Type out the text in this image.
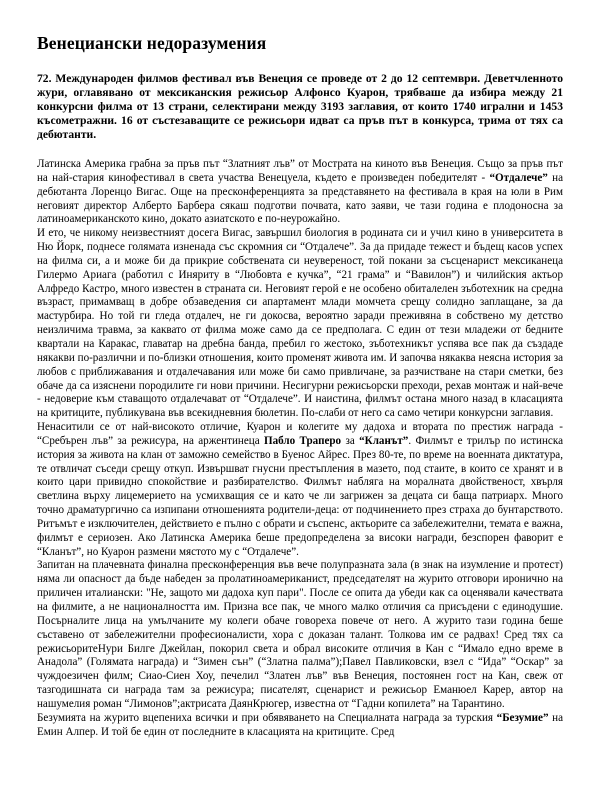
Венециански недоразумения

72. Международен филмов фестивал във Венеция се проведе от 2 до 12 септември. Деветчленното жури, оглавявано от мексиканския режисьор Алфонсо Куарон, трябваше да избира между 21 конкурсни филма от 13 страни, селектирани между 3193 заглавия, от които 1740 игрални и 1453 късометражни. 16 от състезаващите се режисьори идват са пръв път в конкурса, трима от тях са дебютанти.

Латинска Америка грабна за пръв път “Златният лъв” от Мострата на киното във Венеция. Също за пръв път на най-стария кинофестивал в света участва Венецуела, където е произведен победителят - “Отдалече” на дебютанта Лоренцо Вигас. Още на пресконференцията за представянето на фестивала в края на юли в Рим неговият директор Алберто Барбера сякаш подготви почвата, като заяви, че тази година е плодоносна за латиноамериканското кино, докато азиатското е по-неурожайно.

И ето, че никому неизвестният досега Вигас, завършил биология в родината си и учил кино в университета в Ню Йорк, поднесе голямата изненада със скромния си “Отдалече”. За да придаде тежест и бъдещ касов успех на филма си, а и може би да прикрие собствената си неувереност, той покани за съсценарист мексиканеца Гилермо Ариага (работил с Иняриту в “Любовта е кучка”, “21 грама” и “Вавилон”) и чилийския актьор Алфредо Кастро, много известен в страната си. Негoвият герой е не особено обиталелен зъботехник на средна възраст, примамващ в добре обзаведения си апартамент млади момчета срещу солидно заплащане, за да мастурбира. Но той ги гледа отдалеч, не ги докосва, вероятно заради преживяна в собствено му детство неизличима травма, за каквато от филма може само да се предполага. С един от тези младежи от бедните квартали на Каракас, главатар на дребна банда, пребил го жестоко, зъботехникът успява все пак да създаде някакви по-различни и по-близки отношения, които променят живота им. И започва някаква неясна история за любов с приближавания и отдалечавания или може би само привличане, за разчистване на стари сметки, без обаче да са изяснени породилите ги нови причини. Несигурни режисьорски преходи, рехав монтаж и най-вече - недоверие към ставащото отдалечават от “Отдалече”. И наистина, филмът остана много назад в класацията на критиците, публикувана във всекидневния бюлетин. По-слаби от него са само четири конкурсни заглавия.

Ненаситили се от най-високото отличие, Куарон и колегите му дадоха и втората по престиж награда - “Сребърен лъв” за режисура, на аржентинеца Пабло Траперо за “Кланът”. Филмът е трилър по истинска история за живота на клан от заможно семейство в Буенос Айрес. През 80-те, по време на военната диктатура, те отвличат съседи срещу откуп. Извършват гнусни престъпления в мазето, под стаите, в които се хранят и в които цари привидно спокойствие и разбирателство. Филмът набляга на моралната двойственост, хвърля светлина върху лицемерието на усмихващия се и като че ли загрижен за децата си баща патриарх. Много точно драматургично са изпипани отношенията родители-деца: от подчинението през страха до бунтарството. Ритъмът е изключителен, действието е пълно с обрати и съспенс, актьорите са забележителни, темата е важна, филмът е сериозен. Ако Латинска Америка беше предопределена за високи награди, безспорен фаворит е “Кланът”, но Куарон размени мястото му с “Отдалече”.

Запитан на плачевната финална пресконференция във вече полупразната зала (в знак на изумление и протест) няма ли опасност да бъде нaбеден за пролатиноамериканист, председателят на журито отговори иронично на приличен италиански: "Не, защото ми дадоха куп пари". После се опита да убеди как са оценявали качествата на филмите, а не националността им. Призна все пак, че много малко отличия са присъдени с единодушие. Посърналите лица на умълчаните му колеги обаче говореха повече от него. А журито тази година беше съставено от забележителни професионалисти, хора с доказан талант. Толкова им се радвах! Сред тях са режисьоритеНури Билге Джейлан, покорил света и обрал високите отличия в Кан с “Имало едно време в Анадола” (Голямата награда) и “Зимен сън” (“Златна палма”);Павел Павликовски, взел с “Ида” “Оскар” за чуждоезичен филм; Сиао-Сиен Хоу, печелил “Златен лъв” във Венеция, постоянен гост на Кан, свеж от тазгодишната си награда там за режисура; писателят, сценарист и режисьор Еманюел Карер, автор на нашумелия роман “Лимонов”;актрисата ДаянКрюгер, известна от “Гадни копилета” на Тарантино.

Безумията на журито вцепениха всички и при обявяването на Специалната награда за турския “Безумие” на Емин Алпер. И той бе един от последните в класацията на критиците. Сред
